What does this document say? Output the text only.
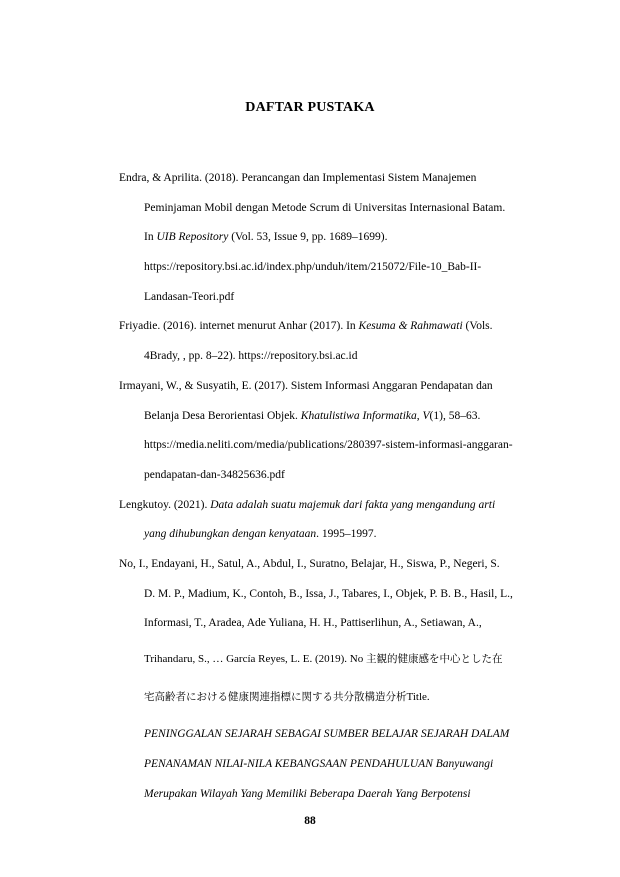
DAFTAR PUSTAKA
Endra, & Aprilita. (2018). Perancangan dan Implementasi Sistem Manajemen
Peminjaman Mobil dengan Metode Scrum di Universitas Internasional Batam.
In UIB Repository (Vol. 53, Issue 9, pp. 1689–1699).
https://repository.bsi.ac.id/index.php/unduh/item/215072/File-10_Bab-II-
Landasan-Teori.pdf
Friyadie. (2016). internet menurut Anhar (2017). In Kesuma & Rahmawati (Vols.
4Brady, , pp. 8–22). https://repository.bsi.ac.id
Irmayani, W., & Susyatih, E. (2017). Sistem Informasi Anggaran Pendapatan dan
Belanja Desa Berorientasi Objek. Khatulistiwa Informatika, V(1), 58–63.
https://media.neliti.com/media/publications/280397-sistem-informasi-anggaran-
pendapatan-dan-34825636.pdf
Lengkutoy. (2021). Data adalah suatu majemuk dari fakta yang mengandung arti
yang dihubungkan dengan kenyataan. 1995–1997.
No, I., Endayani, H., Satul, A., Abdul, I., Suratno, Belajar, H., Siswa, P., Negeri, S.
D. M. P., Madium, K., Contoh, B., Issa, J., Tabares, I., Objek, P. B. B., Hasil, L.,
Informasi, T., Aradea, Ade Yuliana, H. H., Pattiserlihun, A., Setiawan, A.,
Trihandaru, S., … García Reyes, L. E. (2019). No 主観的健康感を中心とした在
宅高齢者における健康関連指標に関する共分散構造分析Title.
PENINGGALAN SEJARAH SEBAGAI SUMBER BELAJAR SEJARAH DALAM
PENANAMAN NILAI-NILA KEBANGSAAN PENDAHULUAN Banyuwangi
Merupakan Wilayah Yang Memiliki Beberapa Daerah Yang Berpotensi
88
